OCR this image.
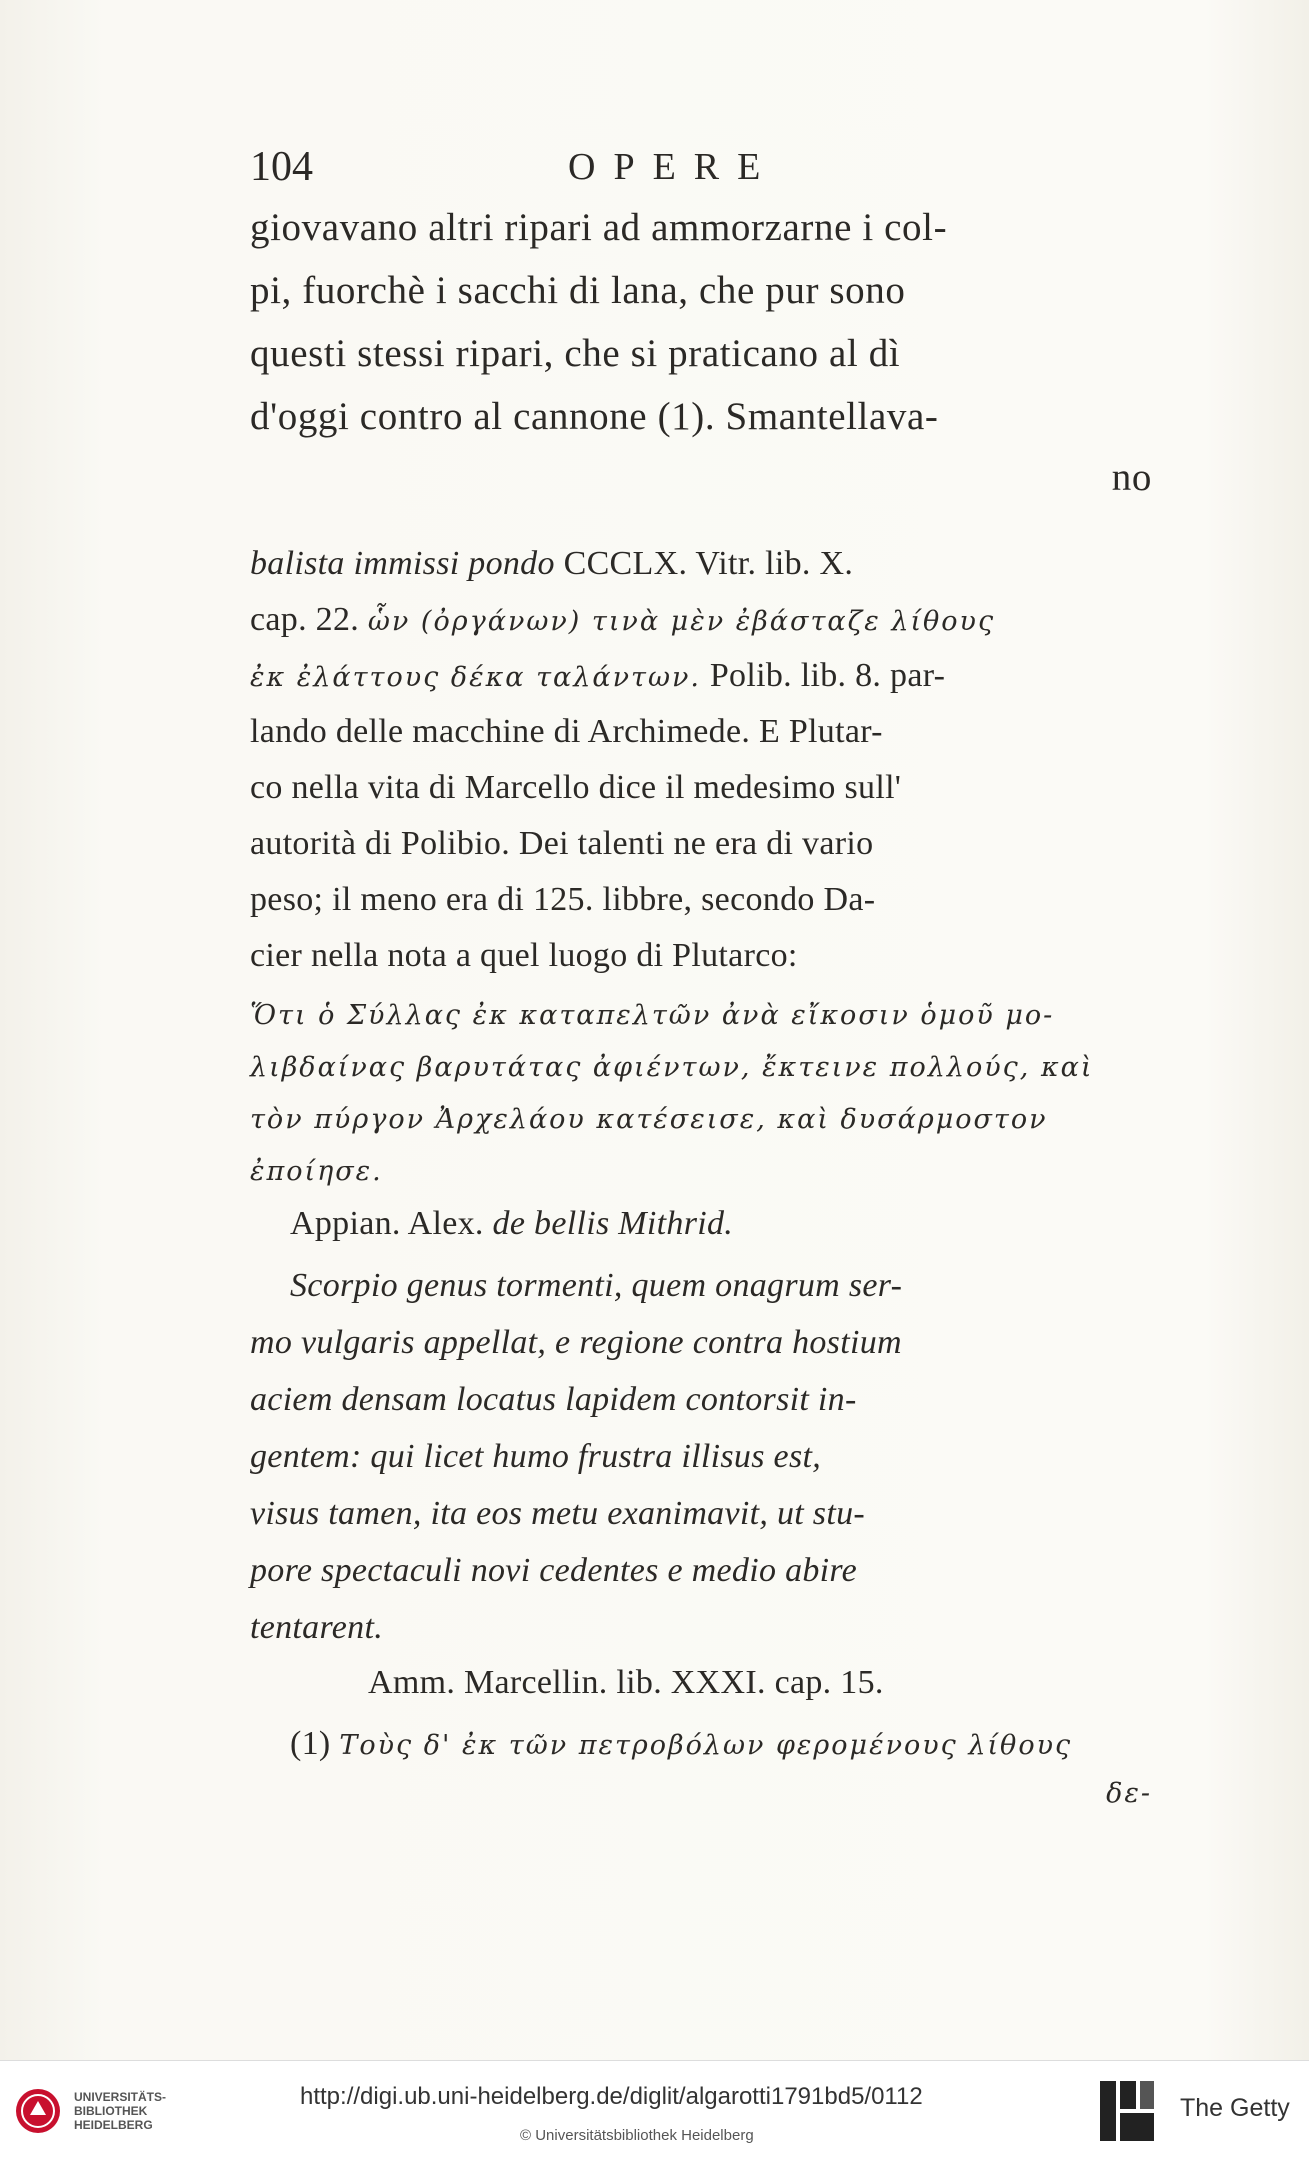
104	OPERE
giovavano altri ripari ad ammorzarne i col-
pi, fuorchè i sacchi di lana, che pur sono
questi stessi ripari, che si praticano al dì
d'oggi contro al cannone (1). Smantellava-
no
balista immissi pondo CCCLX. Vitr. lib. X.
cap. 22. ὧν (ὀργάνων) τινὰ μὲν ἐβάσταζε λίθους
ἐκ ἐλάττους δέκα ταλάντων. Polib. lib. 8. par-
lando delle macchine di Archimede. E Plutar-
co nella vita di Marcello dice il medesimo sull'
autorità di Polibio. Dei talenti ne era di vario
peso; il meno era di 125. libbre, secondo Da-
cier nella nota a quel luogo di Plutarco:
Ὅτι ὁ Σύλλας ἐκ καταπελτῶν ἀνὰ εἴκοσιν ὁμοῦ μο-
λιβδαίνας βαρυτάτας ἀφιέντων, ἔκτεινε πολλούς, καὶ
τὸν πύργον Ἀρχελάου κατέσεισε, καὶ δυσάρμοστον
ἐποίησε.
Appian. Alex. de bellis Mithrid.
Scorpio genus tormenti, quem onagrum ser-
mo vulgaris appellat, e regione contra hostium
aciem densam locatus lapidem contorsit in-
gentem: qui licet humo frustra illisus est,
visus tamen, ita eos metu exanimavit, ut stu-
pore spectaculi novi cedentes e medio abire
tentarent.
Amm. Marcellin. lib. XXXI. cap. 15.
(1) Τοὺς δ' ἐκ τῶν πετροβόλων φερομένους λίθους
δε-
UNIVERSITÄTS-
BIBLIOTHEK
HEIDELBERG
http://digi.ub.uni-heidelberg.de/diglit/algarotti1791bd5/0112
© Universitätsbibliothek Heidelberg
The Getty
